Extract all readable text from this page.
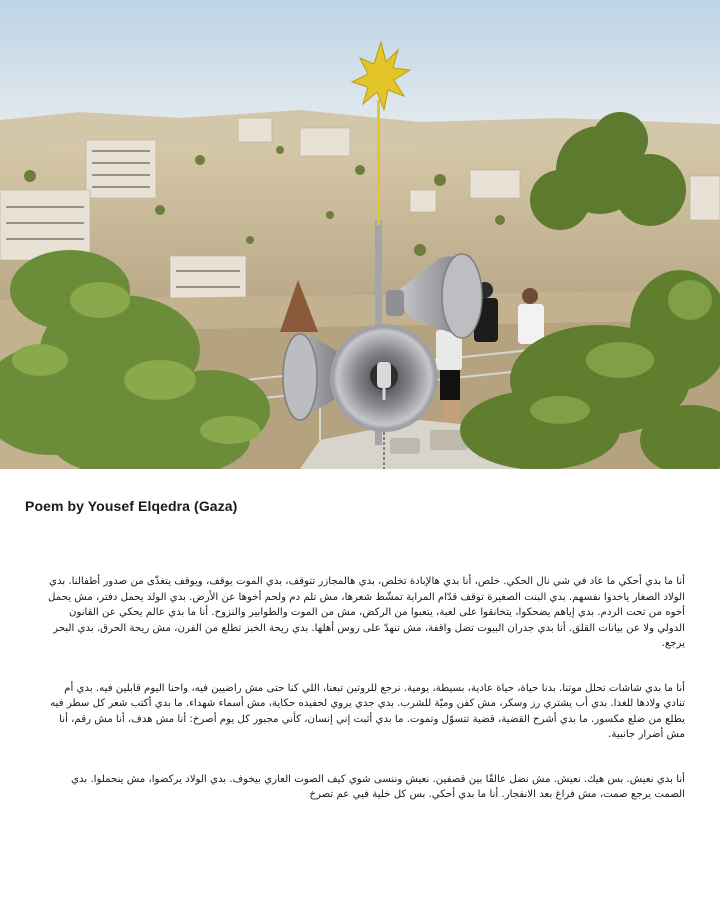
Poem by Yousef Elqedra (Gaza)

أنا ما بدي أحكي ما عاد في شي نال الحكي. خلص، أنا بدي هالإبادة تخلص، بدي هالمجازر تتوقف، بدي الموت يوقف، ويوقف يتغذّى من صدور أطفالنا. بدي الولاد الصغار ياخدوا نفسهم. بدي البنت الصغيرة توقف قدّام المراية تمشّط شعرها، مش تلم دم ولحم أخوها عن الأرض. بدي الولد يحمل دفتر، مش يحمل أخوه من تحت الردم. بدي إياهم يضحكوا، يتخانقوا على لعبة، يتعبوا من الركض، مش من الموت والطوابير والنزوح. أنا ما بدي عالم يحكي عن القانون الدولي ولا عن بيانات القلق. أنا بدي جدران البيوت تضل واقفة، مش تنهدّ على روس أهلها. بدي ريحة الخبز تطلع من الفرن، مش ريحة الحرق. بدي البحر يرجع.

أنا ما بدي شاشات تحلل موتنا. بدنا حياة، حياة عادية، بسيطة، يومية. نرجع للروتين تبعنا، اللي كنا حتى مش راضيين فيه، واحنا اليوم قابلين فيه. بدي أم تنادي ولادها للغدا. بدي أب يشتري رز وسكر، مش كفن وميّة للشرب. بدي جدي يروي لحفيده حكاية، مش أسماء شهداء. ما بدي أكتب شعر كل سطر فيه يطلع من ضلع مكسور. ما بدي أشرح القضية، قضية تتسوّل وتموت. ما بدي أثبت إني إنسان، كأني مجبور كل يوم أصرخ: أنا مش هدف، أنا مش رقم، أنا مش أضرار جانبية.

أنا بدي نعيش. بس هيك. نعيش. مش نضل عالقًا بين قصفين. نعيش وننسى شوي كيف الصوت العاري بيخوف. بدي الولاد يركضوا، مش ينحملوا. بدي الصمت يرجع صمت، مش فراغ بعد الانفجار. أنا ما بدي أحكي. بس كل خلية فيي عم تصرخ
